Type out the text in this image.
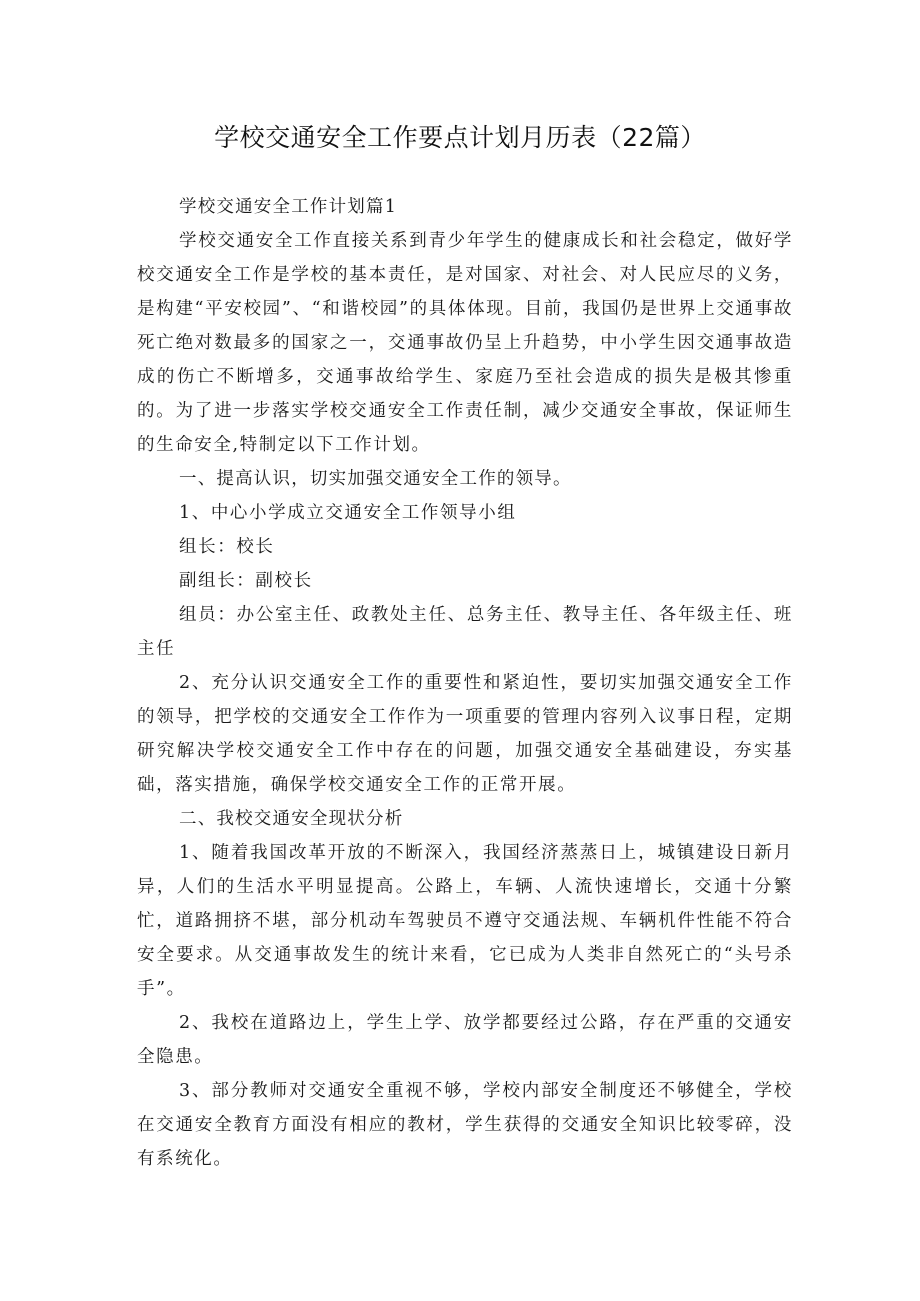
学校交通安全工作要点计划月历表（22篇）

学校交通安全工作计划篇1

学校交通安全工作直接关系到青少年学生的健康成长和社会稳定，做好学校交通安全工作是学校的基本责任，是对国家、对社会、对人民应尽的义务，是构建“平安校园”、“和谐校园”的具体体现。目前，我国仍是世界上交通事故死亡绝对数最多的国家之一，交通事故仍呈上升趋势，中小学生因交通事故造成的伤亡不断增多，交通事故给学生、家庭乃至社会造成的损失是极其惨重的。为了进一步落实学校交通安全工作责任制，减少交通安全事故，保证师生的生命安全,特制定以下工作计划。

一、提高认识，切实加强交通安全工作的领导。

1、中心小学成立交通安全工作领导小组

组长：校长

副组长：副校长

组员：办公室主任、政教处主任、总务主任、教导主任、各年级主任、班主任

2、充分认识交通安全工作的重要性和紧迫性，要切实加强交通安全工作的领导，把学校的交通安全工作作为一项重要的管理内容列入议事日程，定期研究解决学校交通安全工作中存在的问题，加强交通安全基础建设，夯实基础，落实措施，确保学校交通安全工作的正常开展。

二、我校交通安全现状分析

1、随着我国改革开放的不断深入，我国经济蒸蒸日上，城镇建设日新月异，人们的生活水平明显提高。公路上，车辆、人流快速增长，交通十分繁忙，道路拥挤不堪，部分机动车驾驶员不遵守交通法规、车辆机件性能不符合安全要求。从交通事故发生的统计来看，它已成为人类非自然死亡的“头号杀手”。

2、我校在道路边上，学生上学、放学都要经过公路，存在严重的交通安全隐患。

3、部分教师对交通安全重视不够，学校内部安全制度还不够健全，学校在交通安全教育方面没有相应的教材，学生获得的交通安全知识比较零碎，没有系统化。
